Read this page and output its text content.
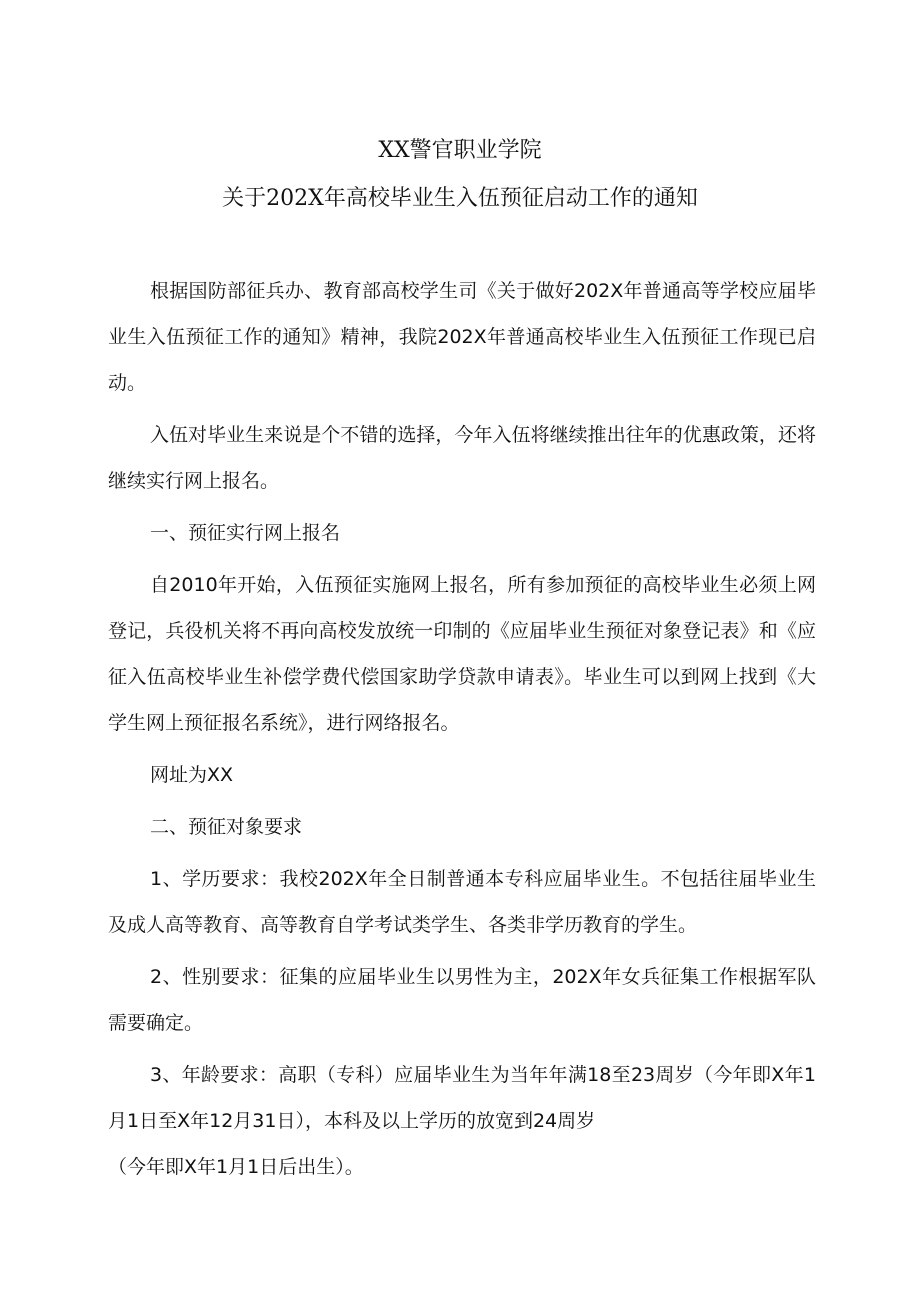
XX警官职业学院
关于202X年高校毕业生入伍预征启动工作的通知

根据国防部征兵办、教育部高校学生司《关于做好202X年普通高等学校应届毕业生入伍预征工作的通知》精神，我院202X年普通高校毕业生入伍预征工作现已启动。

入伍对毕业生来说是个不错的选择，今年入伍将继续推出往年的优惠政策，还将继续实行网上报名。

一、预征实行网上报名

自2010年开始，入伍预征实施网上报名，所有参加预征的高校毕业生必须上网登记，兵役机关将不再向高校发放统一印制的《应届毕业生预征对象登记表》和《应征入伍高校毕业生补偿学费代偿国家助学贷款申请表》。毕业生可以到网上找到《大学生网上预征报名系统》，进行网络报名。

网址为XX

二、预征对象要求

1、学历要求：我校202X年全日制普通本专科应届毕业生。不包括往届毕业生及成人高等教育、高等教育自学考试类学生、各类非学历教育的学生。

2、性别要求：征集的应届毕业生以男性为主，202X年女兵征集工作根据军队需要确定。

3、年龄要求：高职（专科）应届毕业生为当年年满18至23周岁（今年即X年1月1日至X年12月31日），本科及以上学历的放宽到24周岁

（今年即X年1月1日后出生）。
